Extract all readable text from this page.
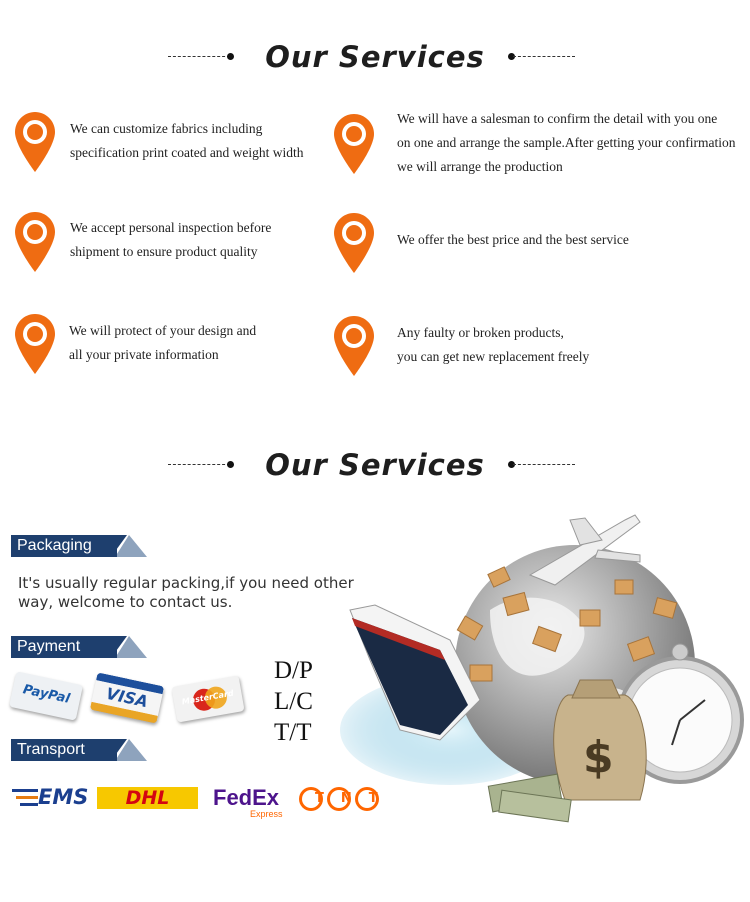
Our Services
We can customize fabrics including
specification print coated and weight width
We will have a salesman to confirm the detail with you one
on one and arrange the sample.After getting your confirmation
we will arrange the production
We accept personal inspection before
shipment to ensure product quality
We offer the best price and the best service
We will protect of your design and
all your private information
Any faulty or broken products,
you can get new replacement freely
Our Services
$
Packaging
It's usually regular packing,if you need other
way, welcome to contact us.
Payment
PayPal	VISA	MasterCard
D/P
L/C
T/T
Transport
EMS	DHL	FedEx
Express
TNT
